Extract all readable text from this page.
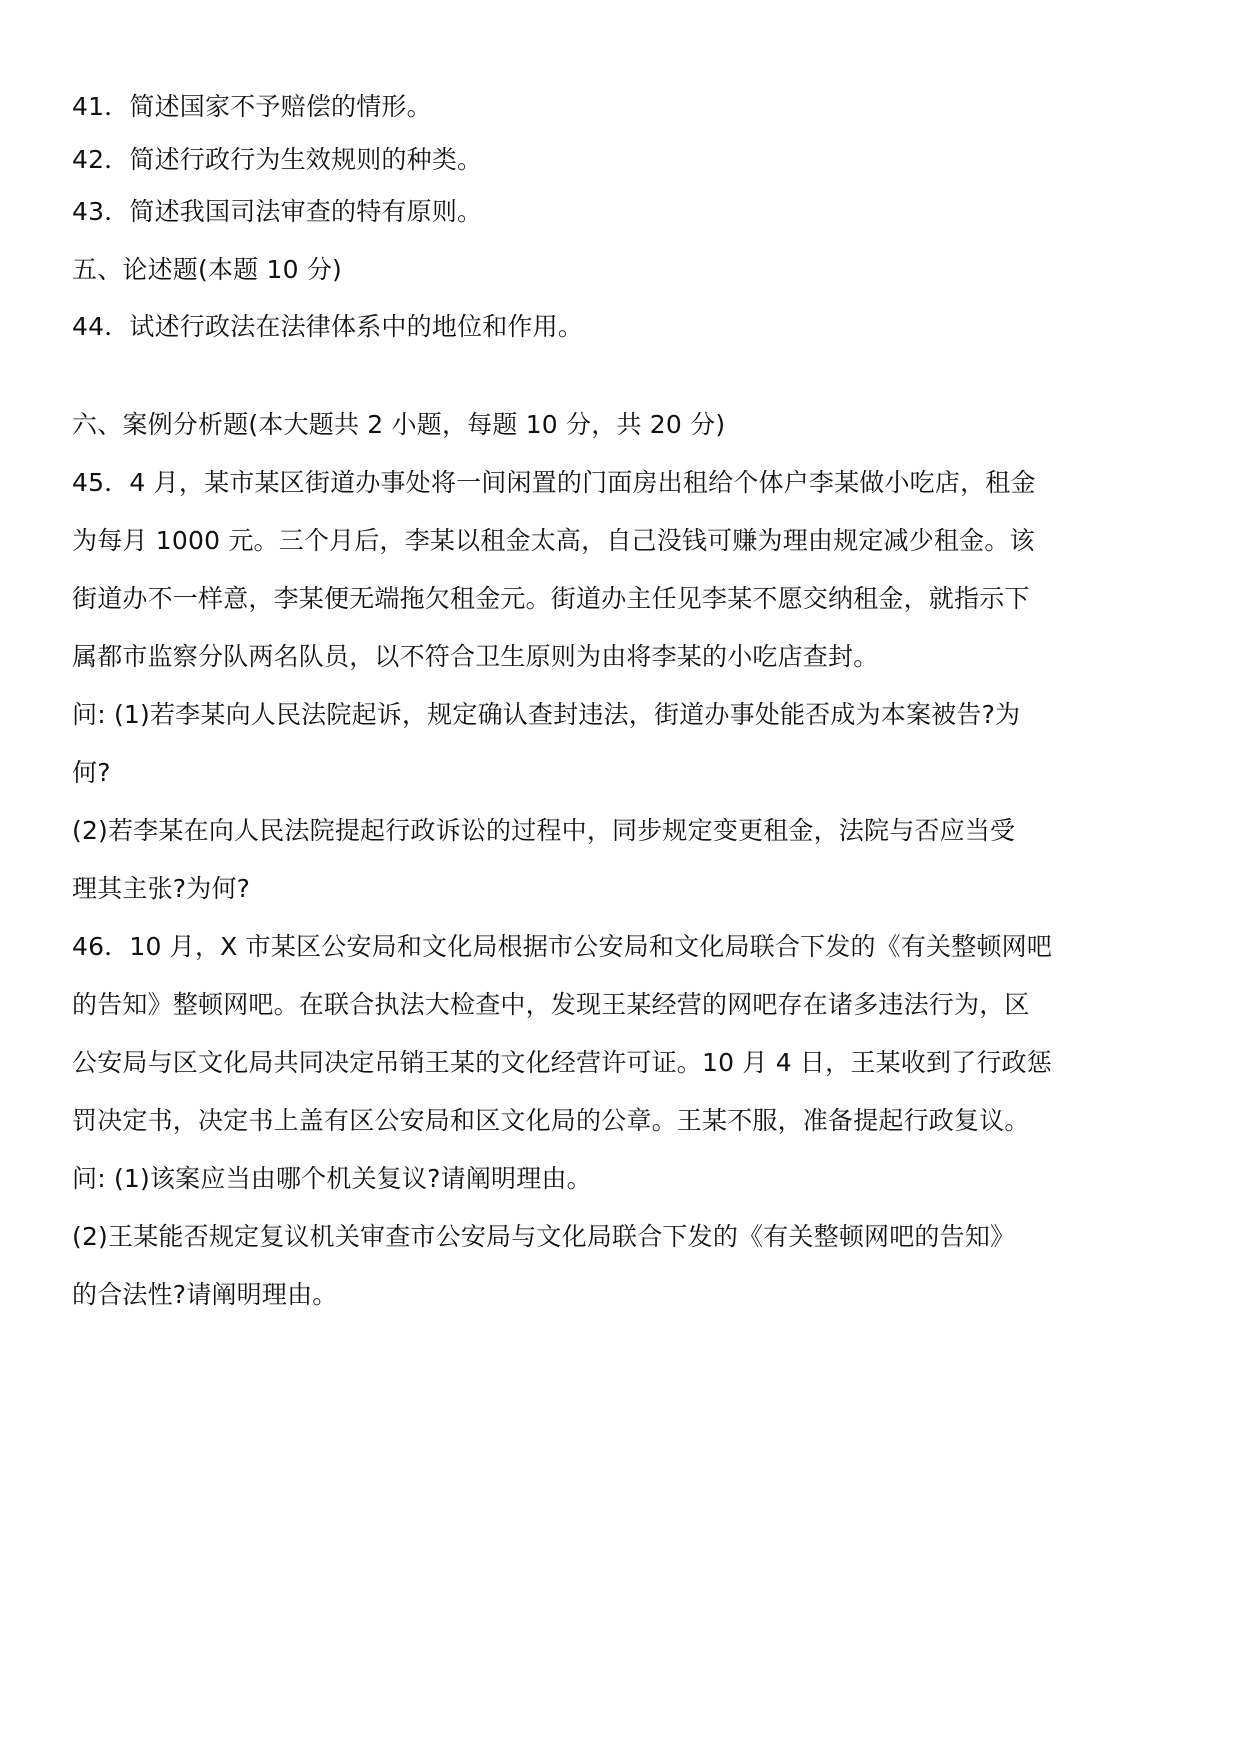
41．简述国家不予赔偿的情形。
42．简述行政行为生效规则的种类。
43．简述我国司法审查的特有原则。
五、论述题(本题 10 分)
44．试述行政法在法律体系中的地位和作用。
六、案例分析题(本大题共 2 小题，每题 10 分，共 20 分)
45．4 月，某市某区街道办事处将一间闲置的门面房出租给个体户李某做小吃店，租金
为每月 1000 元。三个月后，李某以租金太高，自己没钱可赚为理由规定减少租金。该
街道办不一样意，李某便无端拖欠租金元。街道办主任见李某不愿交纳租金，就指示下
属都市监察分队两名队员，以不符合卫生原则为由将李某的小吃店查封。
问: (1)若李某向人民法院起诉，规定确认查封违法，街道办事处能否成为本案被告?为
何?
(2)若李某在向人民法院提起行政诉讼的过程中，同步规定变更租金，法院与否应当受
理其主张?为何?
46．10 月，X 市某区公安局和文化局根据市公安局和文化局联合下发的《有关整顿网吧
的告知》整顿网吧。在联合执法大检查中，发现王某经营的网吧存在诸多违法行为，区
公安局与区文化局共同决定吊销王某的文化经营许可证。10 月 4 日，王某收到了行政惩
罚决定书，决定书上盖有区公安局和区文化局的公章。王某不服，准备提起行政复议。
问: (1)该案应当由哪个机关复议?请阐明理由。
(2)王某能否规定复议机关审查市公安局与文化局联合下发的《有关整顿网吧的告知》
的合法性?请阐明理由。
